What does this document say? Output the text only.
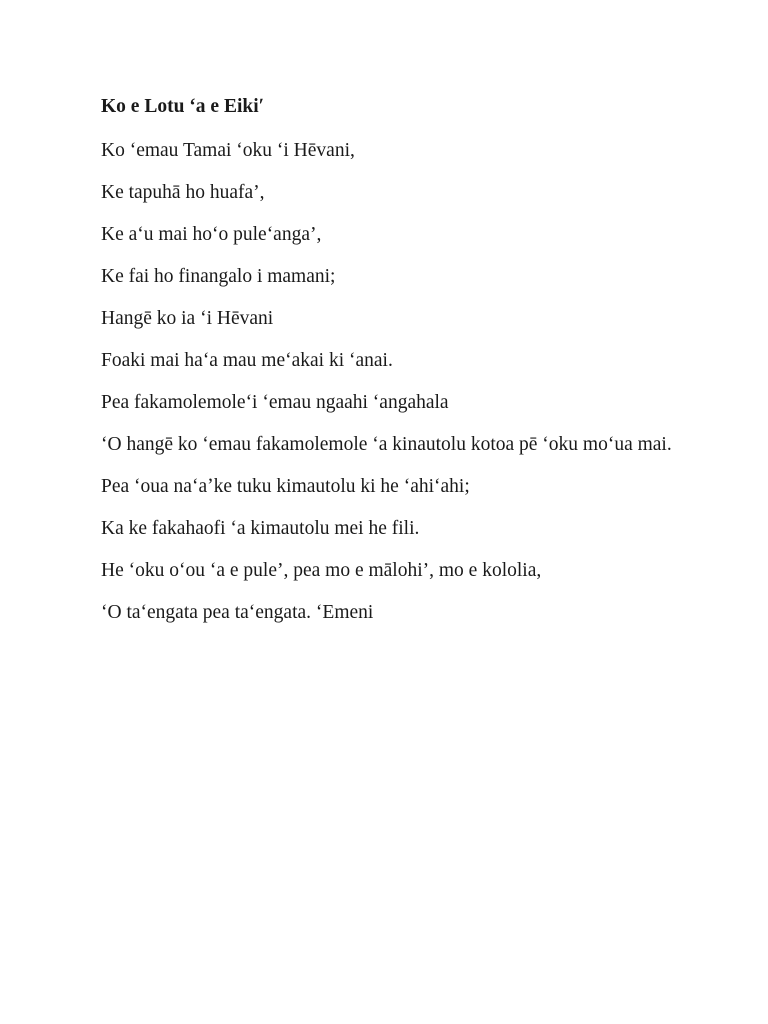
Ko e Lotu ʻa e Eikiʹ
Ko ʻemau Tamai ʻoku ʻi Hēvani,
Ke tapuhā ho huafa’,
Ke aʻu mai hoʻo puleʻanga’,
Ke fai ho finangalo i mamani;
Hangē ko ia ʻi Hēvani
Foaki mai haʻa mau meʻakai ki ʻanai.
Pea fakamolemoleʻi ʻemau ngaahi ʻangahala
ʻO hangē ko ʻemau fakamolemole ʻa kinautolu kotoa pē ʻoku moʻua mai.
Pea ʻoua naʻaʼke tuku kimautolu ki he ʻahiʻahi;
Ka ke fakahaofi ʻa kimautolu mei he fili.
He ʻoku oʻou ʻa e pule’, pea mo e mālohi’, mo e kololia,
ʻO taʻengata pea taʻengata. ʻEmeni
